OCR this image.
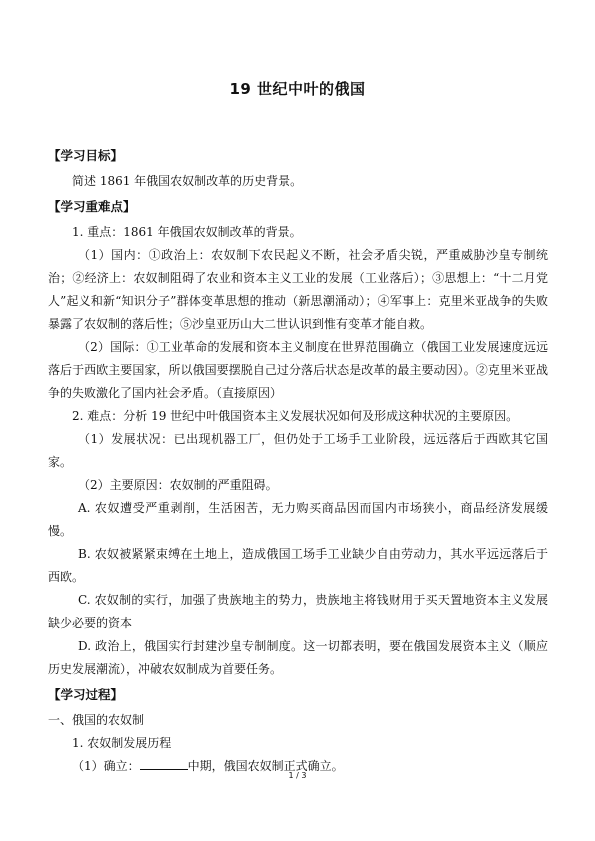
19 世纪中叶的俄国
【学习目标】

简述 1861 年俄国农奴制改革的历史背景。

【学习重难点】

1. 重点：1861 年俄国农奴制改革的背景。

（1）国内：①政治上：农奴制下农民起义不断，社会矛盾尖锐，严重威胁沙皇专制统治；②经济上：农奴制阻碍了农业和资本主义工业的发展（工业落后）；③思想上：“十二月党人”起义和新“知识分子”群体变革思想的推动（新思潮涌动）；④军事上：克里米亚战争的失败暴露了农奴制的落后性；⑤沙皇亚历山大二世认识到惟有变革才能自救。

（2）国际：①工业革命的发展和资本主义制度在世界范围确立（俄国工业发展速度远远落后于西欧主要国家，所以俄国要摆脱自己过分落后状态是改革的最主要动因）。②克里米亚战争的失败激化了国内社会矛盾。（直接原因）

2. 难点：分析 19 世纪中叶俄国资本主义发展状况如何及形成这种状况的主要原因。

（1）发展状况：已出现机器工厂，但仍处于工场手工业阶段，远远落后于西欧其它国家。

（2）主要原因：农奴制的严重阻碍。

A. 农奴遭受严重剥削，生活困苦，无力购买商品因而国内市场狭小，商品经济发展缓慢。

B. 农奴被紧紧束缚在土地上，造成俄国工场手工业缺少自由劳动力，其水平远远落后于西欧。

C. 农奴制的实行，加强了贵族地主的势力，贵族地主将钱财用于买天置地资本主义发展缺少必要的资本

D. 政治上，俄国实行封建沙皇专制制度。这一切都表明，要在俄国发展资本主义（顺应历史发展潮流），冲破农奴制成为首要任务。

【学习过程】

一、俄国的农奴制

1. 农奴制发展历程

（1）确立：	中期，俄国农奴制正式确立。

1 / 3
